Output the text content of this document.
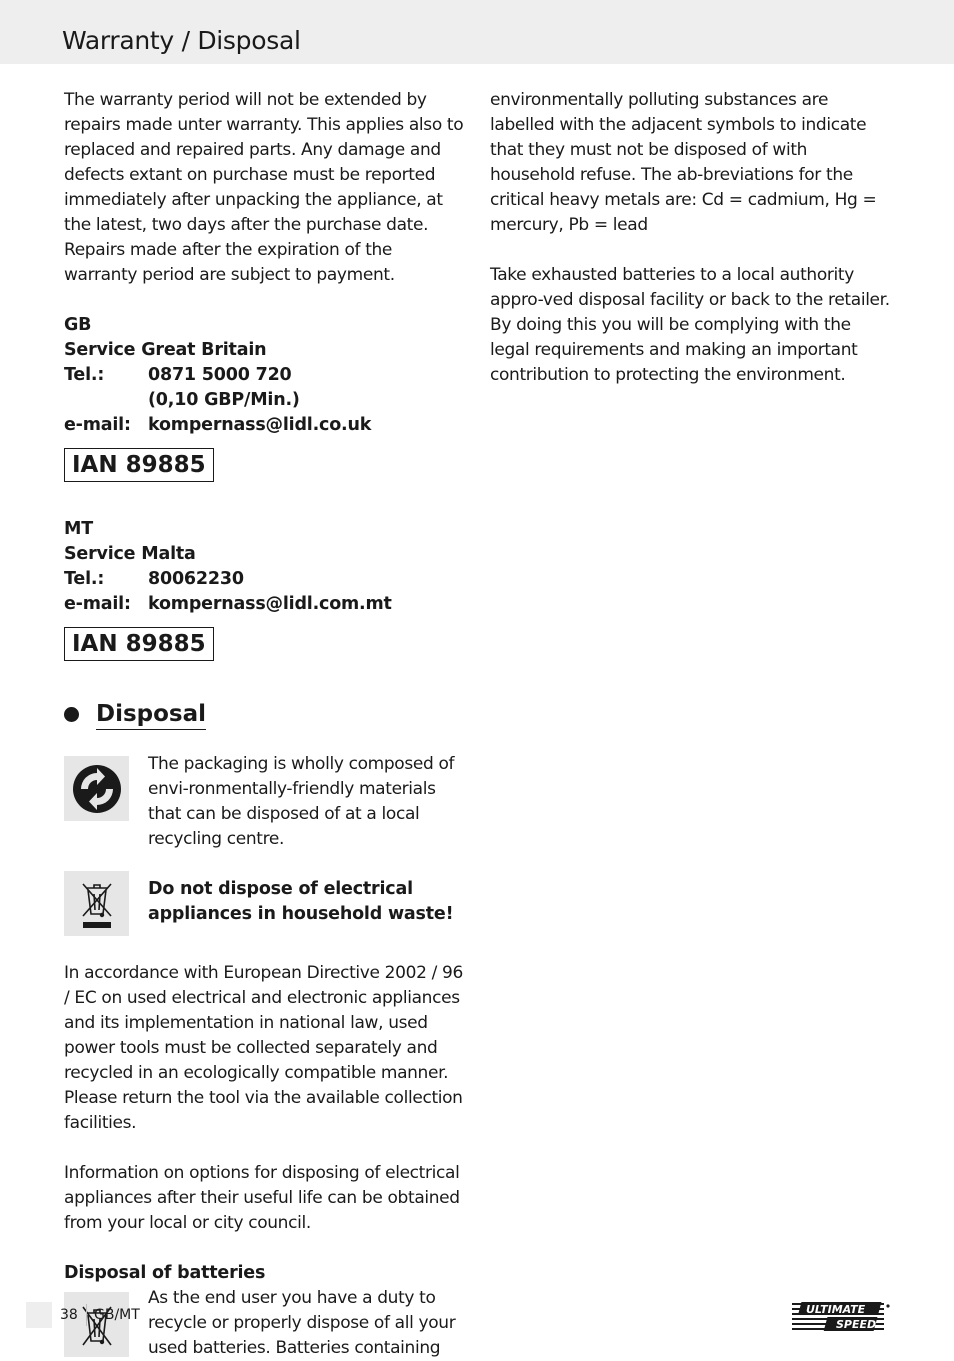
Warranty / Disposal

The warranty period will not be extended by repairs made unter warranty. This applies also to replaced and repaired parts. Any damage and defects extant on purchase must be reported immediately after unpacking the appliance, at the latest, two days after the purchase date. Repairs made after the expiration of the warranty period are subject to payment.

GB
Service Great Britain
Tel.:	0871 5000 720
(0,10 GBP/Min.)
e-mail: kompernass@lidl.co.uk
IAN 89885
MT
Service Malta
Tel.:	80062230
e-mail: kompernass@lidl.com.mt
IAN 89885
Disposal

The packaging is wholly composed of envi-ronmentally-friendly materials that can be disposed of at a local recycling centre.

Do not dispose of electrical appliances in household waste!

In accordance with European Directive 2002 / 96 / EC on used electrical and electronic appliances and its implementation in national law, used power tools must be collected separately and recycled in an ecologically compatible manner. Please return the tool via the available collection facilities.

Information on options for disposing of electrical appliances after their useful life can be obtained from your local or city council.

Disposal of batteries

As the end user you have a duty to recycle or properly dispose of all your used batteries. Batteries containing

environmentally polluting substances are labelled with the adjacent symbols to indicate that they must not be disposed of with household refuse. The ab-breviations for the critical heavy metals are: Cd = cadmium, Hg = mercury, Pb = lead

Take exhausted batteries to a local authority appro-ved disposal facility or back to the retailer. By doing this you will be complying with the legal requirements and making an important contribution to protecting the environment.

38 GB/MT	ULTIMATE
SPEED
